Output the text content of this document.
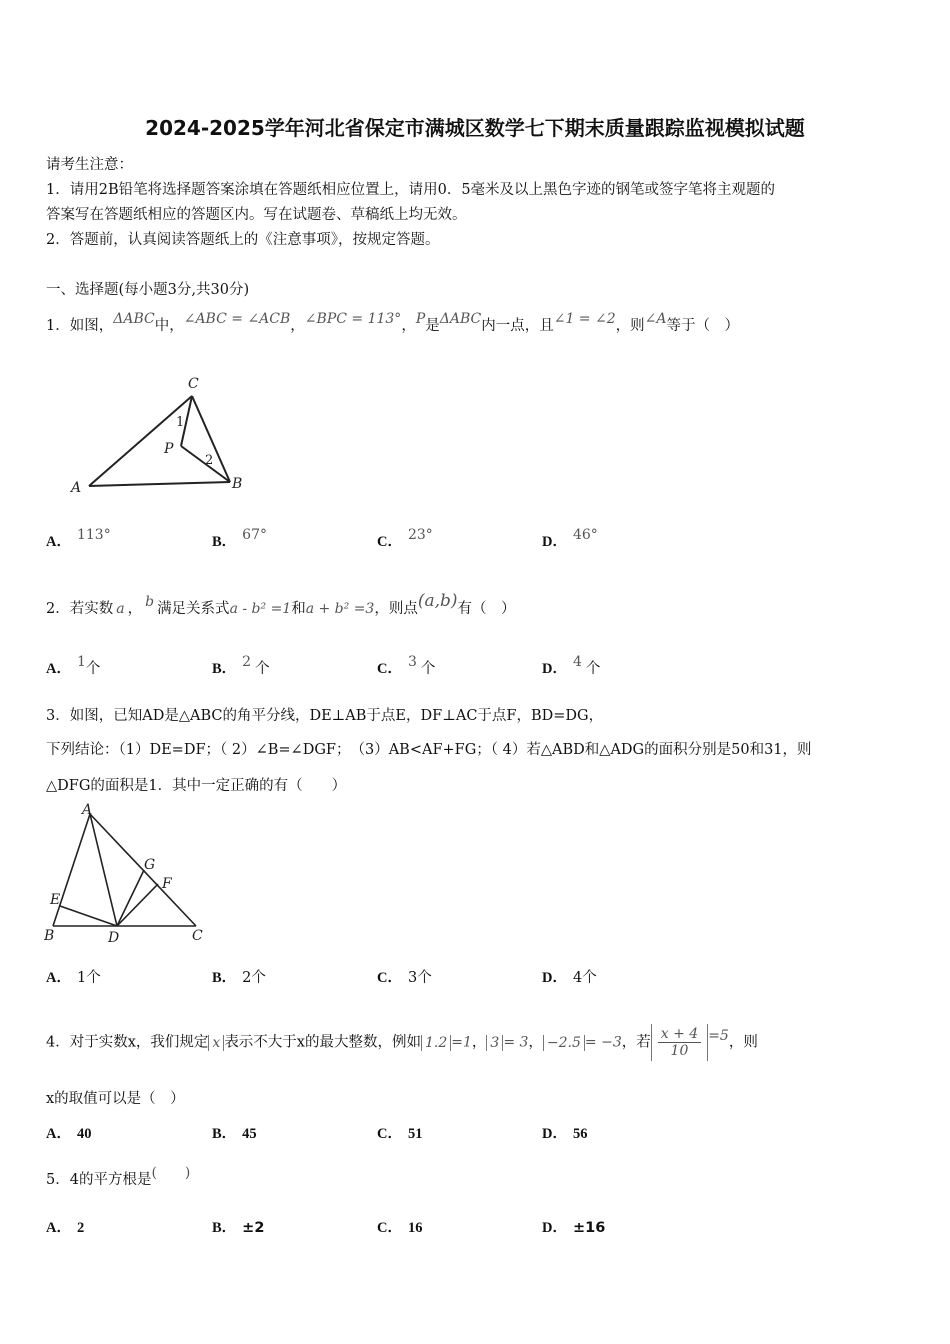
2024-2025学年河北省保定市满城区数学七下期末质量跟踪监视模拟试题
请考生注意：
1．请用2B铅笔将选择题答案涂填在答题纸相应位置上，请用0．5毫米及以上黑色字迹的钢笔或签字笔将主观题的
答案写在答题纸相应的答题区内。写在试题卷、草稿纸上均无效。
2．答题前，认真阅读答题纸上的《注意事项》，按规定答题。
一、选择题(每小题3分,共30分)
1．如图，ΔABC中，∠ABC = ∠ACB，∠BPC = 113°，P是ΔABC内一点，且∠1 = ∠2，则∠A等于（　）
C
P
A	B
1
2
A． 113°	B． 67°	C． 23°	D． 46°
2．若实数 a ， b 满足关系式a - b² =1和a + b² =3，则点(a,b)有（　）
A． 1个	B． 2 个	C． 3 个	D． 4 个
3．如图，已知AD是△ABC的角平分线，DE⊥AB于点E，DF⊥AC于点F，BD=DG，
下列结论：（1）DE=DF；（ 2）∠B=∠DGF；　（3）AB<AF+FG；（ 4）若△ABD和△ADG的面积分别是50和31，则
△DFG的面积是1．其中一定正确的有（　　）
A
E
B	D	C
G
F
A． 1个	B． 2个	C． 3个	D． 4个
4．对于实数x，我们规定 x 表示不大于x的最大整数，例如 1.2 =1， 3 = 3， −2.5 = −3，若 $\frac{x + 4}{10} =5$，则
x的取值可以是（　）
A． 40	B． 45	C． 51	D． 56
5．4的平方根是(　　)
A． 2	B． ±2	C． 16	D． ±16
